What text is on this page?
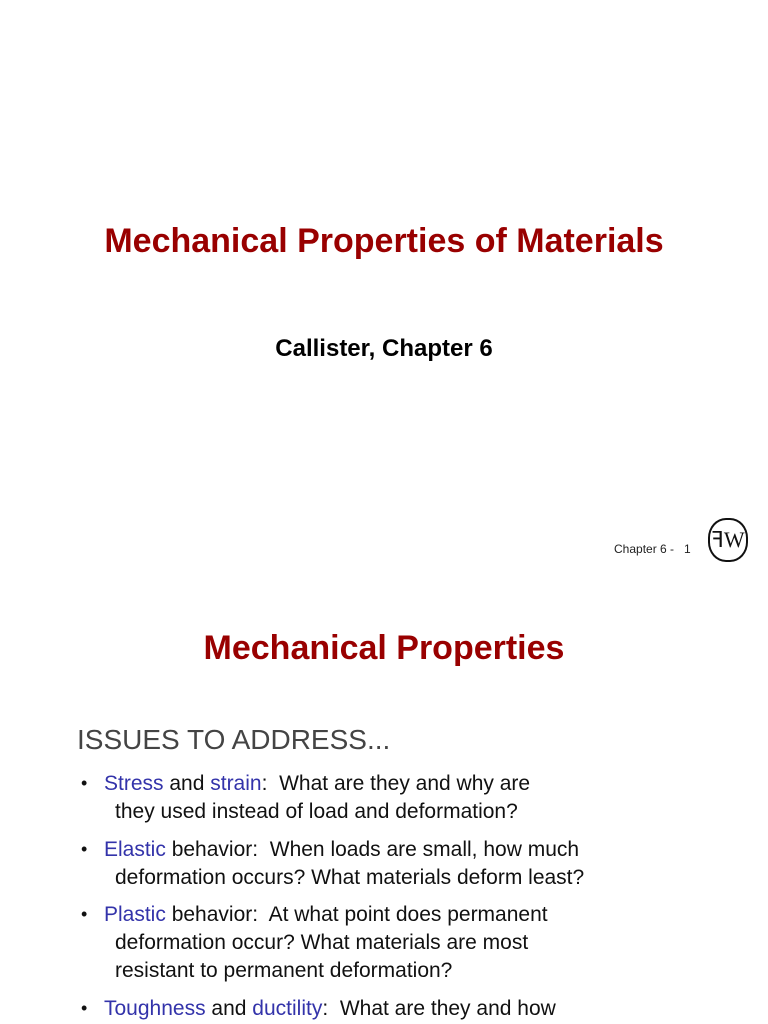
Mechanical Properties of Materials
Callister, Chapter 6
Chapter 6 -   1 ꟻW
Mechanical Properties
ISSUES TO ADDRESS...
• Stress and strain:  What are they and why are
they used instead of load and deformation?
• Elastic behavior:  When loads are small, how much
deformation occurs? What materials deform least?
• Plastic behavior:  At what point does permanent
deformation occur? What materials are most
resistant to permanent deformation?
• Toughness and ductility:  What are they and how
